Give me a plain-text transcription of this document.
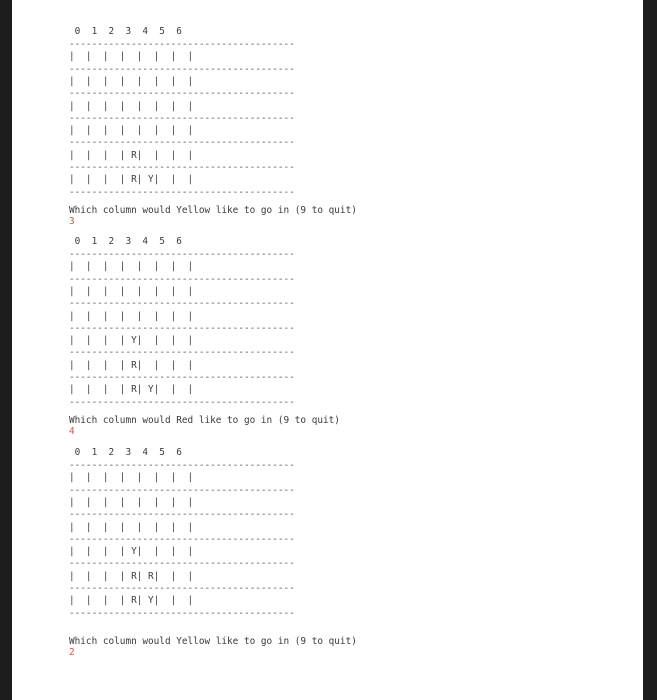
0  1  2  3  4  5  6
----------------------------------------
|  |  |  |  |  |  |  |
----------------------------------------
|  |  |  |  |  |  |  |
----------------------------------------
|  |  |  |  |  |  |  |
----------------------------------------
|  |  |  |  |  |  |  |
----------------------------------------
|  |  |  | R|  |  |  |
----------------------------------------
|  |  |  | R| Y|  |  |
----------------------------------------
Which column would Yellow like to go in (9 to quit)
3
0  1  2  3  4  5  6
----------------------------------------
|  |  |  |  |  |  |  |
----------------------------------------
|  |  |  |  |  |  |  |
----------------------------------------
|  |  |  |  |  |  |  |
----------------------------------------
|  |  |  | Y|  |  |  |
----------------------------------------
|  |  |  | R|  |  |  |
----------------------------------------
|  |  |  | R| Y|  |  |
----------------------------------------
Which column would Red like to go in (9 to quit)
4
0  1  2  3  4  5  6
----------------------------------------
|  |  |  |  |  |  |  |
----------------------------------------
|  |  |  |  |  |  |  |
----------------------------------------
|  |  |  |  |  |  |  |
----------------------------------------
|  |  |  | Y|  |  |  |
----------------------------------------
|  |  |  | R| R|  |  |
----------------------------------------
|  |  |  | R| Y|  |  |
----------------------------------------
Which column would Yellow like to go in (9 to quit)
2
